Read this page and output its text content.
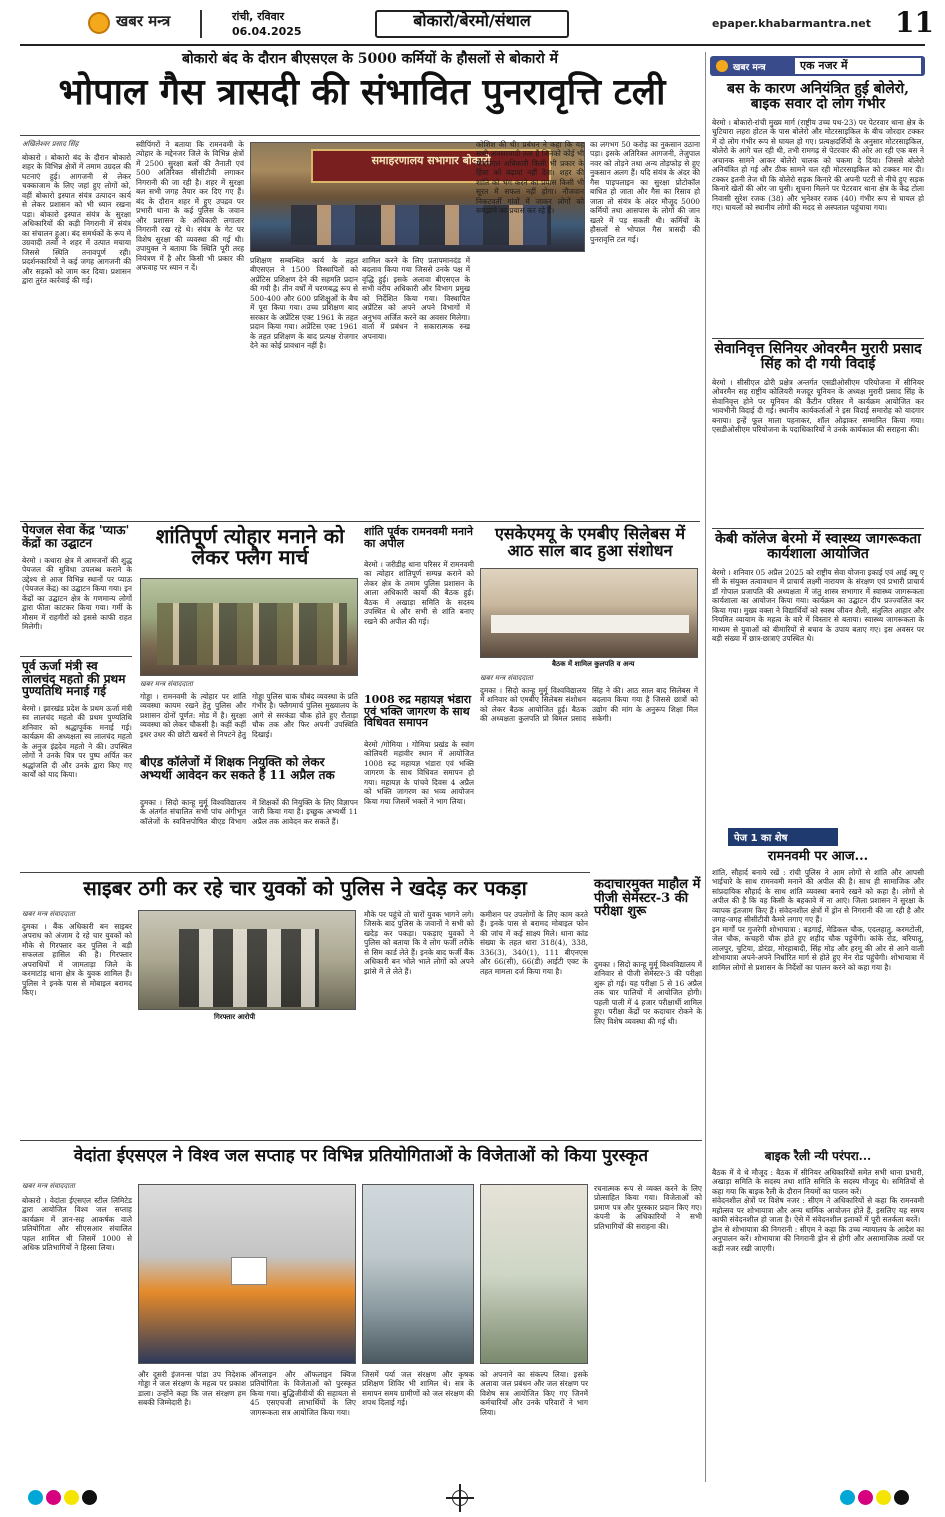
खबर मन्त्र	रांची, रविवार
06.04.2025
बोकारो/बेरमो/संथाल	epaper.khabarmantra.net 11
बोकारो बंद के दौरान बीएसएल के 5000 कर्मियों के हौसलों से बोकारो में
भोपाल गैस त्रासदी की संभावित पुनरावृत्ति टली
अखिलेश्वर प्रसाद सिंह
बोकारो । बोकारो बंद के दौरान बोकारो शहर के विभिन्न क्षेत्रों में तमाम उग्रदल की घटनाएं हुई। आगजनी से लेकर चक्काजाम के लिए जहां हुए लोगों को, वहीं बोकारो इस्पात संयंत्र उत्पादन कार्य से लेकर प्रशासन को भी ध्यान रखना पड़ा। बोकारो इस्पात संयंत्र के सुरक्षा अधिकारियों की कड़ी निगरानी में संयंत्र का संचालन हुआ। बंद समर्थकों के रूप में उग्रवादी तत्वों ने शहर में उत्पात मचाया जिससे स्थिति तनावपूर्ण रही। प्रदर्शनकारियों ने कई जगह आगजनी की और सड़कों को जाम कर दिया। प्रशासन द्वारा तुरंत कार्रवाई की गई।
स्वीपिंगरों ने बताया कि रामनवमी के त्योहार के मद्देनजर जिले के विभिन्न क्षेत्रों में 2500 सुरक्षा बलों की तैनाती एवं 500 अतिरिक्त सीसीटीवी लगाकर निगरानी की जा रही है। शहर में सुरक्षा बल सभी जगह तैयार कर दिए गए हैं। बंद के दौरान शहर में हुए उपद्रव पर प्रभारी थाना के कई पुलिस के जवान और प्रशासन के अधिकारी लगातार निगरानी रख रहे थे। संयंत्र के गेट पर विशेष सुरक्षा की व्यवस्था की गई थी। उपायुक्त ने बताया कि स्थिति पूरी तरह नियंत्रण में है और किसी भी प्रकार की अफवाह पर ध्यान न दें।
समाहरणालय सभागार बोकारो
प्रशिक्षण सम्बन्धित कार्य के तहत बीएसएल ने 1500 विस्थापितों को अप्रेंटिस प्रशिक्षण देने की सहमति प्रदान की गयी है। तीन वर्षों में चरणबद्ध रूप से 500-400 और 600 प्रशिक्षुओं के बैच में पूरा किया गया। उच्च प्रशिक्षण बाद सरकार के अप्रेंटिस एक्ट 1961 के तहत प्रदान किया गया। अप्रेंटिस एक्ट 1961 के तहत प्रशिक्षण के बाद प्रत्यक्ष रोजगार देने का कोई प्रावधान नहीं है।
शामिल करने के लिए प्रतापमानदंड में बदलाव किया गया जिससे उनके पक्ष में वृद्धि हुई। इसके अलावा बीएसएल के सभी वरीय अधिकारी और विभाग प्रमुख को निर्देशित किया गया। विस्थापित अप्रेंटिस को अपने अपने विभागों में अनुभव अर्जित करने का अवसर मिलेगा। वार्ता में प्रबंधन ने सकारात्मक रुख अपनाया।
कोशिश की थी। प्रबंधन ने कहा कि यह सभी अवसरवादी तत्व हैं जिनको कोई भी बीएसएल अधिकारी किसी भी प्रकार के हिंसा को बढ़ावा नहीं देता। शहर की शांति को भंग करने का प्रयास किसी भी सूरत में सफल नहीं होगा। नौजवान निकटवर्ती गांवों में जाकर लोगों को समझाने का प्रयास कर रहे हैं।
का लगभग 50 करोड़ का नुकसान उठाना पड़ा। इसके अतिरिक्त आगजनी, तेजुपाल नवर को तोड़ने तथा अन्य तोड़फोड़ से हुए नुकसान अलग हैं। यदि संयंत्र के अंदर की गैस पाइपलाइन का सुरक्षा प्रोटोकॉल बाधित हो जाता और गैस का रिसाव हो जाता तो संयंत्र के अंदर मौजूद 5000 कर्मियों तथा आसपास के लोगों की जान खतरे में पड़ सकती थी। कर्मियों के हौसलों से भोपाल गैस त्रासदी की पुनरावृत्ति टल गई।
खबर मन्त्र	एक नजर में
बस के कारण अनियंत्रित हुई बोलेरो, बाइक सवार दो लोग गंभीर
बेरमो । बोकारो-रांची मुख्य मार्ग (राष्ट्रीय उच्च पथ-23) पर पेटरवार थाना क्षेत्र के चुटियारा लहरा होटल के पास बोलेरो और मोटरसाइकिल के बीच जोरदार टक्कर में दो लोग गंभीर रूप से घायल हो गए। प्रत्यक्षदर्शियों के अनुसार मोटरसाइकिल, बोलेरो के आगे चल रही थी, तभी रामगढ़ से पेटरवार की ओर आ रही एक बस ने अचानक सामने आकर बोलेरो चालक को चकमा दे दिया। जिससे बोलेरो अनियंत्रित हो गई और ठीक सामने चल रही मोटरसाइकिल को टक्कर मार दी। टक्कर इतनी तेज थी कि बोलेरो सड़क किनारे की अपनी पटरी से नीचे हुए सड़क किनारे खेतों की ओर जा घुसी। सूचना मिलने पर पेटरवार थाना क्षेत्र के केंद्र टोला निवासी सुरेश रजक (38) और भुनेश्वर रजक (40) गंभीर रूप से घायल हो गए। घायलों को स्थानीय लोगों की मदद से अस्पताल पहुंचाया गया।
सेवानिवृत्त सिनियर ओवरमैन मुरारी प्रसाद सिंह को दी गयी विदाई
बेरमो । सीसीएल ढोरी प्रक्षेत्र अन्तर्गत एसडीओसीएम परियोजना में सीनियर ओवरमैन सह राष्ट्रीय कोलियरी मजदूर यूनियन के अध्यक्ष मुरारी प्रसाद सिंह के सेवानिवृत्त होने पर यूनियन की कैंटीन परिसर में कार्यक्रम आयोजित कर भावभीनी विदाई दी गई। स्थानीय कार्यकर्ताओं ने इस विदाई समारोह को यादगार बनाया। इन्हें फूल माला पहनाकर, शॉल ओढ़ाकर सम्मानित किया गया। एसडीओसीएम परियोजना के पदाधिकारियों ने उनके कार्यकाल की सराहना की।
केबी कॉलेज बेरमो में स्वास्थ्य जागरूकता कार्यशाला आयोजित
बेरमो । शनिवार 05 अप्रैल 2025 को राष्ट्रीय सेवा योजना इकाई एवं आई क्यू ए सी के संयुक्त तत्वावधान में प्राचार्य लक्ष्मी नारायण के संरक्षण एवं प्रभारी प्राचार्य डॉ गोपाल प्रजापति की अध्यक्षता में जंतु शास्त्र सभागार में स्वास्थ्य जागरूकता कार्यशाला का आयोजन किया गया। कार्यक्रम का उद्घाटन दीप प्रज्ज्वलित कर किया गया। मुख्य वक्ता ने विद्यार्थियों को स्वस्थ जीवन शैली, संतुलित आहार और नियमित व्यायाम के महत्व के बारे में विस्तार से बताया। स्वास्थ्य जागरूकता के माध्यम से युवाओं को बीमारियों से बचाव के उपाय बताए गए। इस अवसर पर बड़ी संख्या में छात्र-छात्राएं उपस्थित थे।
पेज 1 का शेष
रामनवमी पर आज...
शांति, सौहार्द बनाये रखें : रांची पुलिस ने आम लोगों से शांति और आपसी भाईचारे के साथ रामनवमी मनाने की अपील की है। साथ ही सामाजिक और सांप्रदायिक सौहार्द के साथ शांति व्यवस्था बनाये रखने को कहा है। लोगों से अपील की है कि वह किसी के बहकावे में ना आएं। जिला प्रशासन ने सुरक्षा के व्यापक इंतजाम किए हैं। संवेदनशील क्षेत्रों में ड्रोन से निगरानी की जा रही है और जगह-जगह सीसीटीवी कैमरे लगाए गए हैं।
इन मार्गों पर गुजरेगी शोभायात्रा : बड़गाई, मेडिकल चौक, एदलहातु, करमटोली, जेल चौक, कचहरी चौक होते हुए शहीद चौक पहुंचेंगी। कांके रोड, बरियातू, लालपुर, चुटिया, डोरंडा, मोरहाबादी, सिंह मोड़ और हरमू की ओर से आने वाली शोभायात्रा अपने-अपने निर्धारित मार्ग से होते हुए मेन रोड पहुंचेगी। शोभायात्रा में शामिल लोगों से प्रशासन के निर्देशों का पालन करने को कहा गया है।
बाइक रैली न्यी परंपरा...
बैठक में ये थे मौजूद : बैठक में सीनियर अधिकारियों समेत सभी थाना प्रभारी, अखाड़ा समिति के सदस्य तथा शांति समिति के सदस्य मौजूद थे। समितियों से कहा गया कि बाइक रैली के दौरान नियमों का पालन करें।
संवेदनशील क्षेत्रों पर विशेष नजर : सीएम ने अधिकारियों से कहा कि रामनवमी महोत्सव पर शोभायात्रा और अन्य धार्मिक आयोजन होते हैं, इसलिए यह समय काफी संवेदनशील हो जाता है। ऐसे में संवेदनशील इलाकों में पूरी सतर्कता बरतें।
ड्रोन से शोभायात्रा की निगरानी : सीएम ने कहा कि उच्च न्यायालय के आदेश का अनुपालन करें। शोभायात्रा की निगरानी ड्रोन से होगी और असामाजिक तत्वों पर कड़ी नजर रखी जाएगी।
पेयजल सेवा केंद्र 'प्याऊ' केंद्रों का उद्घाटन
बेरमो । कथारा क्षेत्र में आमजनों की शुद्ध पेयजल की सुविधा उपलब्ध कराने के उद्देश्य से आज विभिन्न स्थानों पर प्याऊ (पेयजल केंद्र) का उद्घाटन किया गया। इन केंद्रों का उद्घाटन क्षेत्र के गणमान्य लोगों द्वारा फीता काटकर किया गया। गर्मी के मौसम में राहगीरों को इससे काफी राहत मिलेगी।
पूर्व ऊर्जा मंत्री स्व लालचंद महतो की प्रथम पुण्यतिथि मनाई गई
बेरमो । झारखंड प्रदेश के प्रथम ऊर्जा मंत्री स्व लालचंद महतो की प्रथम पुण्यतिथि शनिवार को श्रद्धापूर्वक मनाई गई। कार्यक्रम की अध्यक्षता स्व लालचंद महतो के अनुज इंद्रदेव महतो ने की। उपस्थित लोगों ने उनके चित्र पर पुष्प अर्पित कर श्रद्धांजलि दी और उनके द्वारा किए गए कार्यों को याद किया।
शांतिपूर्ण त्योहार मनाने को लेकर फ्लैग मार्च
खबर मन्त्र संवाददाता
गोड्डा । रामनवमी के त्योहार पर शांति व्यवस्था कायम रखने हेतु पुलिस और प्रशासन दोनों पूर्णत: मोड में है। सुरक्षा व्यवस्था को लेकर चौकसी है। कहीं कहीं इधर उधर की छोटी खबरों से निपटने हेतु गोड्डा पुलिस चाक चौबंद व्यवस्था के प्रति गंभीर है। फ्लैगमार्च पुलिस मुख्यालय के आगे से सरकंडा चौक होते हुए रौताड़ा चौक तक और फिर अपनी उपस्थिति दिखाई।
शांति पूर्वक रामनवमी मनाने का अपील
बेरमो । जरीडीह थाना परिसर में रामनवमी का त्योहार शांतिपूर्ण सम्पन्न कराने को लेकर क्षेत्र के तमाम पुलिस प्रशासन के आला अधिकारी कार्यो की बैठक हुई। बैठक में अखाड़ा समिति के सदस्य उपस्थित थे और सभी से शांति बनाए रखने की अपील की गई।
1008 रुद्र महायज्ञ भंडारा एवं भक्ति जागरण के साथ विधिवत समापन
बेरमो /गोमिया । गोमिया प्रखंड के स्वांग कोलियरी महावीर स्थान में आयोजित 1008 रुद्र महायज्ञ भंडारा एवं भक्ति जागरण के साथ विधिवत समापन हो गया। महायज्ञ के पांचवे दिवस 4 अप्रैल को भक्ति जागरण का भव्य आयोजन किया गया जिसमें भक्तों ने भाग लिया।
बीएड कॉलेजों में शिक्षक नियुक्ति को लेकर अभ्यर्थी आवेदन कर सकते है 11 अप्रैल तक
दुमका । सिदो कान्हू मुर्मू विश्वविद्यालय के अंतर्गत संचालित सभी पांच अंगीभूत कॉलेजों के स्ववित्तपोषित बीएड विभाग में शिक्षकों की नियुक्ति के लिए विज्ञापन जारी किया गया है। इच्छुक अभ्यर्थी 11 अप्रैल तक आवेदन कर सकते हैं।
एसकेएमयू के एमबीए सिलेबस में आठ साल बाद हुआ संशोधन
बैठक में शामिल कुलपति व अन्य
खबर मन्त्र संवाददाता
दुमका । सिदो कान्हू मुर्मू विश्वविद्यालय में शनिवार को एमबीए सिलेबस संशोधन को लेकर बैठक आयोजित हुई। बैठक की अध्यक्षता कुलपति प्रो बिमल प्रसाद सिंह ने की। आठ साल बाद सिलेबस में बदलाव किया गया है जिससे छात्रों को उद्योग की मांग के अनुरूप शिक्षा मिल सकेगी।
साइबर ठगी कर रहे चार युवकों को पुलिस ने खदेड़ कर पकड़ा
खबर मन्त्र संवाददाता
दुमका । बैंक अधिकारी बन साइबर अपराध को अंजाम दे रहे चार युवकों को मौके से गिरफ्तार कर पुलिस ने बड़ी सफलता हासिल की है। गिरफ्तार अपराधियों में जामताड़ा जिले के करमाटांड़ थाना क्षेत्र के युवक शामिल हैं। पुलिस ने इनके पास से मोबाइल बरामद किए।
गिरफ्तार आरोपी
मौके पर पहुंचे तो चारों युवक भागने लगे। जिसके बाद पुलिस के जवानों ने सभी को खदेड़ कर पकड़ा। पकड़ाए युवकों ने पुलिस को बताया कि वे लोग फर्जी तरीके से सिम कार्ड लेते हैं। इनके बाद फर्जी बैंक अधिकारी बन भोले भाले लोगों को अपने झांसे में ले लेते हैं।
कमीशन पर उपलोगों के लिए काम करते हैं। इनके पास से बरामद मोबाइल फोन की जांच में कई साक्ष्य मिले। थाना कांड संख्या के तहत धारा 318(4), 338, 336(3), 340(1), 111 बीएनएस और 66(सी), 66(डी) आईटी एक्ट के तहत मामला दर्ज किया गया है।
कदाचारमुक्त माहौल में पीजी सेमेस्टर-3 की परीक्षा शुरू
दुमका । सिदो कान्हू मुर्मू विश्वविद्यालय में शनिवार से पीजी सेमेस्टर-3 की परीक्षा शुरू हो गई। यह परीक्षा 5 से 16 अप्रैल तक चार पालियों में आयोजित होगी। पहली पाली में 4 हजार परीक्षार्थी शामिल हुए। परीक्षा केंद्रों पर कदाचार रोकने के लिए विशेष व्यवस्था की गई थी।
वेदांता ईएसएल ने विश्व जल सप्ताह पर विभिन्न प्रतियोगिताओं के विजेताओं को किया पुरस्कृत
खबर मन्त्र संवाददाता
बोकारो । वेदांता ईएसएल स्टील लिमिटेड द्वारा आयोजित विश्व जल सप्ताह कार्यक्रम में ज्ञान-सह आकर्षक वाले प्रतियोगिता और सीएसआर संचालित पहल शामिल थी जिसमें 1000 से अधिक प्रतिभागियों ने हिस्सा लिया।
और दूसरी इंजनन्स पांडा उप निदेशक गोड्डा ने जल संरक्षण के महत्व पर प्रकाश डाला। उन्होंने कहा कि जल संरक्षण हम सबकी जिम्मेदारी है।
ऑनलाइन और ऑफलाइन क्विज प्रतियोगिता के विजेताओं को पुरस्कृत किया गया। बुद्धिजीवीयों की सहायता से 45 एसएचजी लाभार्थियों के लिए जागरूकता सत्र आयोजित किया गया।
जिसमें पर्या जल संरक्षण और कृषक प्रशिक्षण शिविर भी शामिल थे। सत्र के समापन समय ग्रामीणों को जल संरक्षण की शपथ दिलाई गई।
को अपनाने का संकल्प लिया। इसके अलावा जल प्रबंधन और जल संरक्षण पर विशेष सत्र आयोजित किए गए जिनमें कर्मचारियों और उनके परिवारों ने भाग लिया।
रचनात्मक रूप से व्यक्त करने के लिए प्रोत्साहित किया गया। विजेताओं को प्रमाण पत्र और पुरस्कार प्रदान किए गए। कंपनी के अधिकारियों ने सभी प्रतिभागियों की सराहना की।
